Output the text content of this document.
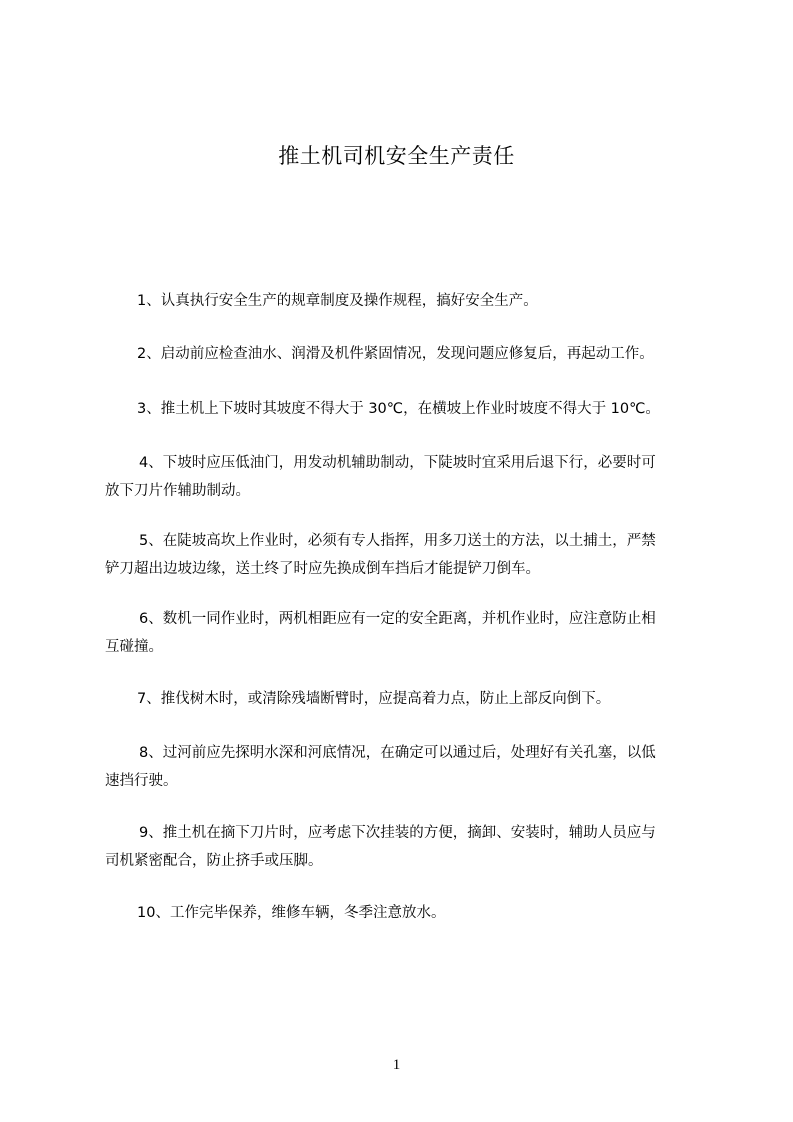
推土机司机安全生产责任
1、认真执行安全生产的规章制度及操作规程，搞好安全生产。
2、启动前应检查油水、润滑及机件紧固情况，发现问题应修复后，再起动工作。
3、推土机上下坡时其坡度不得大于 30℃，在横坡上作业时坡度不得大于 10℃。
4、下坡时应压低油门，用发动机辅助制动，下陡坡时宜采用后退下行，必要时可
放下刀片作辅助制动。
5、在陡坡高坎上作业时，必须有专人指挥，用多刀送土的方法，以土捕土，严禁
铲刀超出边坡边缘，送土终了时应先换成倒车挡后才能提铲刀倒车。
6、数机一同作业时，两机相距应有一定的安全距离，并机作业时，应注意防止相
互碰撞。
7、推伐树木时，或清除残墙断臂时，应提高着力点，防止上部反向倒下。
8、过河前应先探明水深和河底情况，在确定可以通过后，处理好有关孔塞，以低
速挡行驶。
9、推土机在摘下刀片时，应考虑下次挂装的方便，摘卸、安装时，辅助人员应与
司机紧密配合，防止挤手或压脚。
10、工作完毕保养，维修车辆，冬季注意放水。
1
